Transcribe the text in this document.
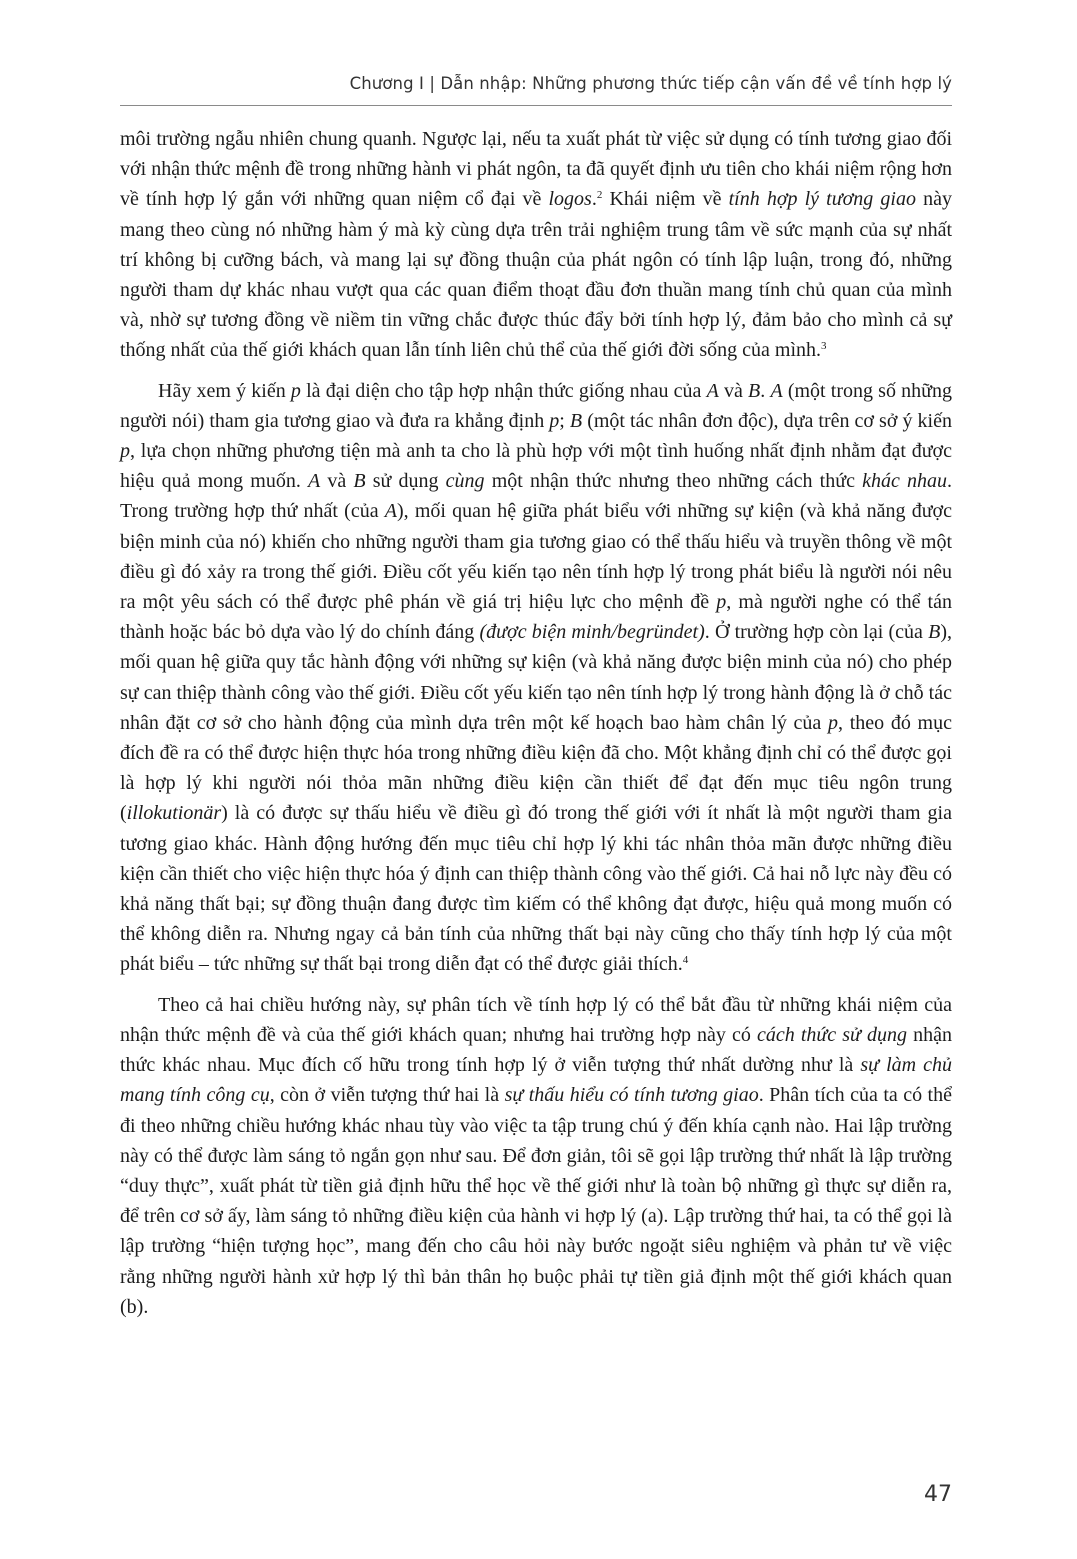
Chương I | Dẫn nhập: Những phương thức tiếp cận vấn đề về tính hợp lý

môi trường ngẫu nhiên chung quanh. Ngược lại, nếu ta xuất phát từ việc sử dụng có tính tương giao đối với nhận thức mệnh đề trong những hành vi phát ngôn, ta đã quyết định ưu tiên cho khái niệm rộng hơn về tính hợp lý gắn với những quan niệm cổ đại về logos.$^2$ Khái niệm về tính hợp lý tương giao này mang theo cùng nó những hàm ý mà kỳ cùng dựa trên trải nghiệm trung tâm về sức mạnh của sự nhất trí không bị cưỡng bách, và mang lại sự đồng thuận của phát ngôn có tính lập luận, trong đó, những người tham dự khác nhau vượt qua các quan điểm thoạt đầu đơn thuần mang tính chủ quan của mình và, nhờ sự tương đồng về niềm tin vững chắc được thúc đẩy bởi tính hợp lý, đảm bảo cho mình cả sự thống nhất của thế giới khách quan lẫn tính liên chủ thể của thế giới đời sống của mình.$^3$

Hãy xem ý kiến p là đại diện cho tập hợp nhận thức giống nhau của A và B. A (một trong số những người nói) tham gia tương giao và đưa ra khẳng định p; B (một tác nhân đơn độc), dựa trên cơ sở ý kiến p, lựa chọn những phương tiện mà anh ta cho là phù hợp với một tình huống nhất định nhằm đạt được hiệu quả mong muốn. A và B sử dụng cùng một nhận thức nhưng theo những cách thức khác nhau. Trong trường hợp thứ nhất (của A), mối quan hệ giữa phát biểu với những sự kiện (và khả năng được biện minh của nó) khiến cho những người tham gia tương giao có thể thấu hiểu và truyền thông về một điều gì đó xảy ra trong thế giới. Điều cốt yếu kiến tạo nên tính hợp lý trong phát biểu là người nói nêu ra một yêu sách có thể được phê phán về giá trị hiệu lực cho mệnh đề p, mà người nghe có thể tán thành hoặc bác bỏ dựa vào lý do chính đáng (được biện minh/begründet). Ở trường hợp còn lại (của B), mối quan hệ giữa quy tắc hành động với những sự kiện (và khả năng được biện minh của nó) cho phép sự can thiệp thành công vào thế giới. Điều cốt yếu kiến tạo nên tính hợp lý trong hành động là ở chỗ tác nhân đặt cơ sở cho hành động của mình dựa trên một kế hoạch bao hàm chân lý của p, theo đó mục đích đề ra có thể được hiện thực hóa trong những điều kiện đã cho. Một khẳng định chỉ có thể được gọi là hợp lý khi người nói thỏa mãn những điều kiện cần thiết để đạt đến mục tiêu ngôn trung (illokutionär) là có được sự thấu hiểu về điều gì đó trong thế giới với ít nhất là một người tham gia tương giao khác. Hành động hướng đến mục tiêu chỉ hợp lý khi tác nhân thỏa mãn được những điều kiện cần thiết cho việc hiện thực hóa ý định can thiệp thành công vào thế giới. Cả hai nỗ lực này đều có khả năng thất bại; sự đồng thuận đang được tìm kiếm có thể không đạt được, hiệu quả mong muốn có thể không diễn ra. Nhưng ngay cả bản tính của những thất bại này cũng cho thấy tính hợp lý của một phát biểu – tức những sự thất bại trong diễn đạt có thể được giải thích.$^4$

Theo cả hai chiều hướng này, sự phân tích về tính hợp lý có thể bắt đầu từ những khái niệm của nhận thức mệnh đề và của thế giới khách quan; nhưng hai trường hợp này có cách thức sử dụng nhận thức khác nhau. Mục đích cố hữu trong tính hợp lý ở viễn tượng thứ nhất dường như là sự làm chủ mang tính công cụ, còn ở viễn tượng thứ hai là sự thấu hiểu có tính tương giao. Phân tích của ta có thể đi theo những chiều hướng khác nhau tùy vào việc ta tập trung chú ý đến khía cạnh nào. Hai lập trường này có thể được làm sáng tỏ ngắn gọn như sau. Để đơn giản, tôi sẽ gọi lập trường thứ nhất là lập trường “duy thực”, xuất phát từ tiền giả định hữu thể học về thế giới như là toàn bộ những gì thực sự diễn ra, để trên cơ sở ấy, làm sáng tỏ những điều kiện của hành vi hợp lý (a). Lập trường thứ hai, ta có thể gọi là lập trường “hiện tượng học”, mang đến cho câu hỏi này bước ngoặt siêu nghiệm và phản tư về việc rằng những người hành xử hợp lý thì bản thân họ buộc phải tự tiền giả định một thế giới khách quan (b).

47
